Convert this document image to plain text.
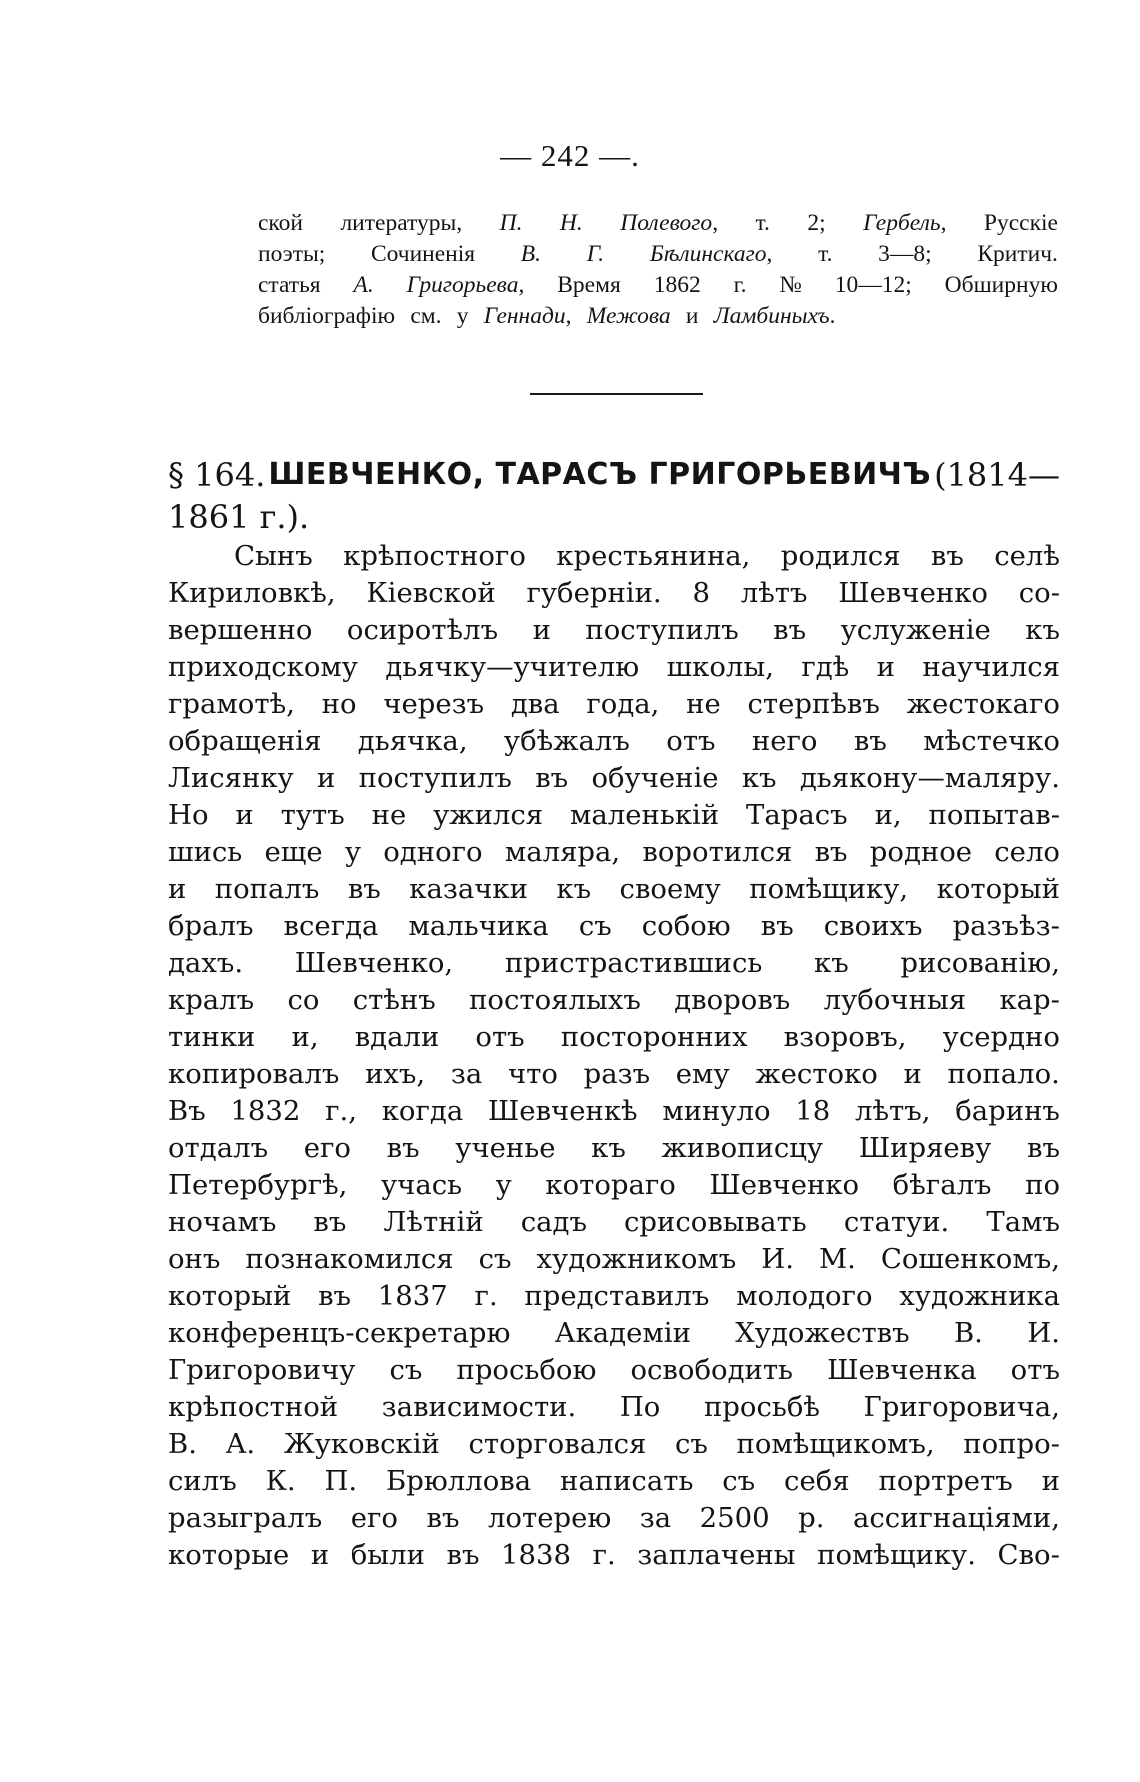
— 242 —.
ской литературы, П. Н. Полевого, т. 2; Гербель, Русскіе
поэты; Сочиненія В. Г. Бѣлинскаго, т. 3—8; Критич.
статья А. Григорьева, Время 1862 г. № 10—12; Обширную
библіографію см. у Геннади, Межова и Ламбиныхъ.
§ 164. ШЕВЧЕНКО, ТАРАСЪ ГРИГОРЬЕВИЧЪ (1814—
1861 г.).
Сынъ крѣпостного крестьянина, родился въ селѣ
Кириловкѣ, Кіевской губерніи. 8 лѣтъ Шевченко со-
вершенно осиротѣлъ и поступилъ въ услуженіе къ
приходскому дьячку—учителю школы, гдѣ и научился
грамотѣ, но черезъ два года, не стерпѣвъ жестокаго
обращенія дьячка, убѣжалъ отъ него въ мѣстечко
Лисянку и поступилъ въ обученіе къ дьякону—маляру.
Но и тутъ не ужился маленькій Тарасъ и, попытав-
шись еще у одного маляра, воротился въ родное село
и попалъ въ казачки къ своему помѣщику, который
бралъ всегда мальчика съ собою въ своихъ разъѣз-
дахъ. Шевченко, пристрастившись къ рисованію,
кралъ со стѣнъ постоялыхъ дворовъ лубочныя кар-
тинки и, вдали отъ посторонних взоровъ, усердно
копировалъ ихъ, за что разъ ему жестоко и попало.
Въ 1832 г., когда Шевченкѣ минуло 18 лѣтъ, баринъ
отдалъ его въ ученье къ живописцу Ширяеву въ
Петербургѣ, учась у котораго Шевченко бѣгалъ по
ночамъ въ Лѣтній садъ срисовывать статуи. Тамъ
онъ познакомился съ художникомъ И. М. Сошенкомъ,
который въ 1837 г. представилъ молодого художника
конференцъ-секретарю Академіи Художествъ В. И.
Григоровичу съ просьбою освободить Шевченка отъ
крѣпостной зависимости. По просьбѣ Григоровича,
В. А. Жуковскій сторговался съ помѣщикомъ, попро-
силъ К. П. Брюллова написать съ себя портретъ и
разыгралъ его въ лотерею за 2500 р. ассигнаціями,
которые и были въ 1838 г. заплачены помѣщику. Сво-
